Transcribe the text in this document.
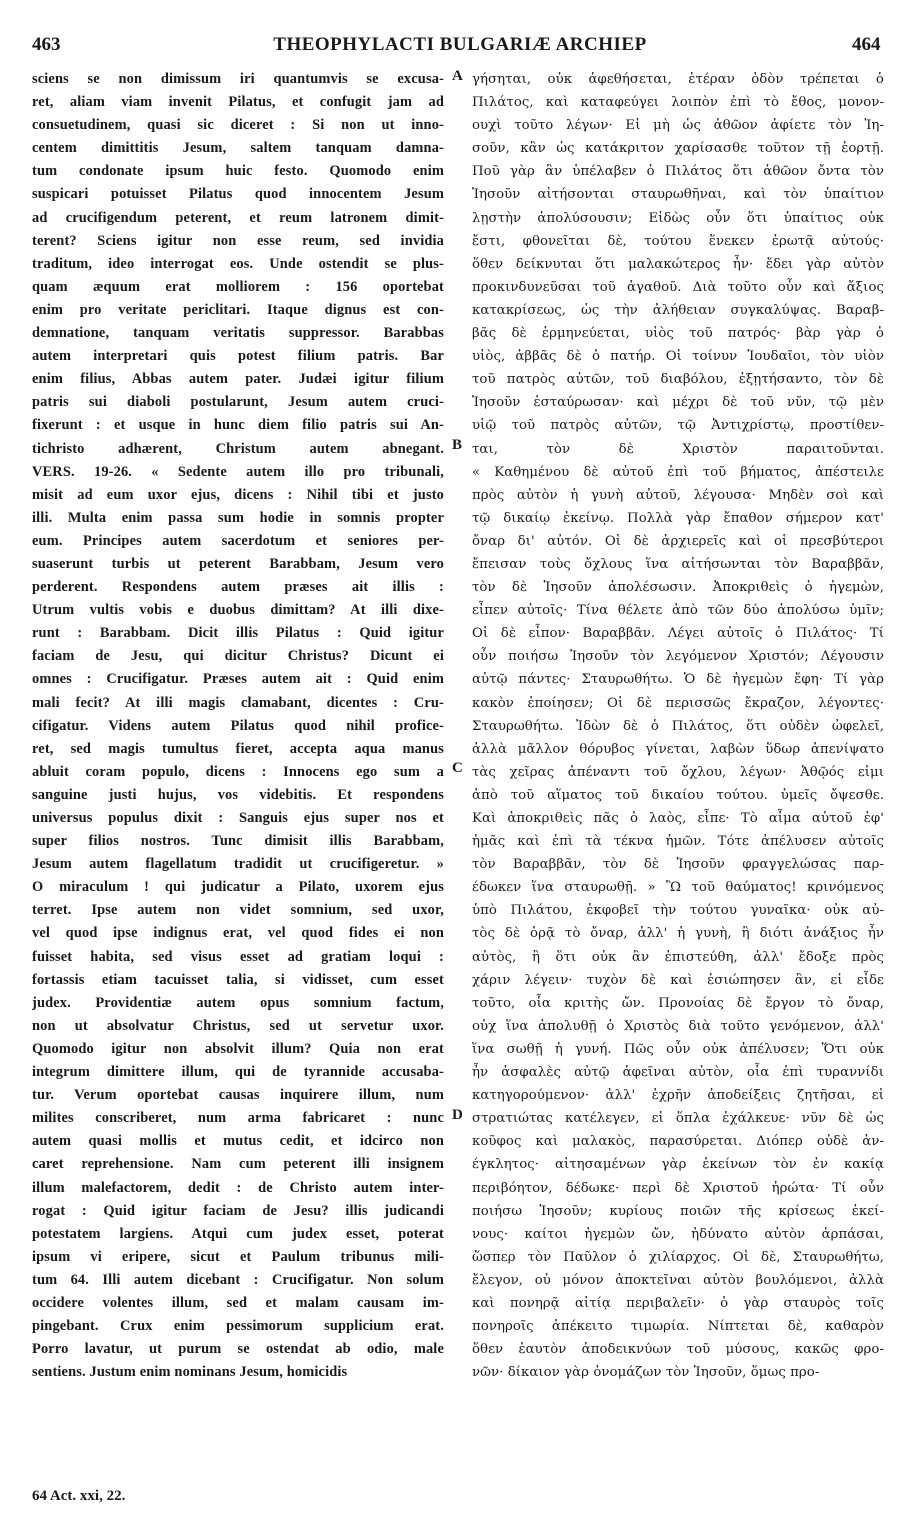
463	THEOPHYLACTI BULGARIÆ ARCHIEP	464
sciens se non dimissum iri quantumvis se excusa-
ret, aliam viam invenit Pilatus, et confugit jam ad
consuetudinem, quasi sic diceret : Si non ut inno-
centem dimittitis Jesum, saltem tanquam damna-
tum condonate ipsum huic festo. Quomodo enim
suspicari potuisset Pilatus quod innocentem Jesum
ad crucifigendum peterent, et reum latronem dimit-
terent? Sciens igitur non esse reum, sed invidia
traditum, ideo interrogat eos. Unde ostendit se plus-
quam æquum erat molliorem : 156 oportebat
enim pro veritate periclitari. Itaque dignus est con-
demnatione, tanquam veritatis suppressor. Barabbas
autem interpretari quis potest filium patris. Bar
enim filius, Abbas autem pater. Judæi igitur filium
patris sui diaboli postularunt, Jesum autem cruci-
fixerunt : et usque in hunc diem filio patris sui An-
tichristo adhærent, Christum autem abnegant.
VERS. 19-26. « Sedente autem illo pro tribunali,
misit ad eum uxor ejus, dicens : Nihil tibi et justo
illi. Multa enim passa sum hodie in somnis propter
eum. Principes autem sacerdotum et seniores per-
suaserunt turbis ut peterent Barabbam, Jesum vero
perderent. Respondens autem præses ait illis :
Utrum vultis vobis e duobus dimittam? At illi dixe-
runt : Barabbam. Dicit illis Pilatus : Quid igitur
faciam de Jesu, qui dicitur Christus? Dicunt ei
omnes : Crucifigatur. Præses autem ait : Quid enim
mali fecit? At illi magis clamabant, dicentes : Cru-
cifigatur. Videns autem Pilatus quod nihil profice-
ret, sed magis tumultus fieret, accepta aqua manus
abluit coram populo, dicens : Innocens ego sum a
sanguine justi hujus, vos videbitis. Et respondens
universus populus dixit : Sanguis ejus super nos et
super filios nostros. Tunc dimisit illis Barabbam,
Jesum autem flagellatum tradidit ut crucifigeretur. »
O miraculum ! qui judicatur a Pilato, uxorem ejus
terret. Ipse autem non videt somnium, sed uxor,
vel quod ipse indignus erat, vel quod fides ei non
fuisset habita, sed visus esset ad gratiam loqui :
fortassis etiam tacuisset talia, si vidisset, cum esset
judex. Providentiæ autem opus somnium factum,
non ut absolvatur Christus, sed ut servetur uxor.
Quomodo igitur non absolvit illum? Quia non erat
integrum dimittere illum, qui de tyrannide accusaba-
tur. Verum oportebat causas inquirere illum, num
milites conscriberet, num arma fabricaret : nunc
autem quasi mollis et mutus cedit, et idcirco non
caret reprehensione. Nam cum peterent illi insignem
illum malefactorem, dedit : de Christo autem inter-
rogat : Quid igitur faciam de Jesu? illis judicandi
potestatem largiens. Atqui cum judex esset, poterat
ipsum vi eripere, sicut et Paulum tribunus mili-
tum 64. Illi autem dicebant : Crucifigatur. Non solum
occidere volentes illum, sed et malam causam im-
pingebant. Crux enim pessimorum supplicium erat.
Porro lavatur, ut purum se ostendat ab odio, male
sentiens. Justum enim nominans Jesum, homicidis
γήσηται, οὐκ ἀφεθήσεται, ἑτέραν ὁδὸν τρέπεται ὁ
Πιλάτος, καὶ καταφεύγει λοιπὸν ἐπὶ τὸ ἔθος, μονον-
ουχὶ τοῦτο λέγων· Εἰ μὴ ὡς ἀθῶον ἀφίετε τὸν Ἰη-
σοῦν, κἂν ὡς κατάκριτον χαρίσασθε τοῦτον τῇ ἑορτῇ.
Ποῦ γὰρ ἂν ὑπέλαβεν ὁ Πιλάτος ὅτι ἀθῶον ὄντα τὸν
Ἰησοῦν αἰτήσονται σταυρωθῆναι, καὶ τὸν ὑπαίτιον
λῃστὴν ἀπολύσουσιν; Εἰδὼς οὖν ὅτι ὑπαίτιος οὐκ
ἔστι, φθονεῖται δὲ, τούτου ἕνεκεν ἐρωτᾷ αὐτούς·
ὅθεν δείκνυται ὅτι μαλακώτερος ἦν· ἔδει γὰρ αὐτὸν
προκινδυνεῦσαι τοῦ ἀγαθοῦ. Διὰ τοῦτο οὖν καὶ ἄξιος
κατακρίσεως, ὡς τὴν ἀλήθειαν συγκαλύψας. Βαραβ-
βᾶς δὲ ἑρμηνεύεται, υἱὸς τοῦ πατρός· βὰρ γὰρ ὁ
υἱὸς, ἀββᾶς δὲ ὁ πατήρ. Οἱ τοίνυν Ἰουδαῖοι, τὸν υἱὸν
τοῦ πατρὸς αὐτῶν, τοῦ διαβόλου, ἐξῃτήσαντο, τὸν δὲ
Ἰησοῦν ἐσταύρωσαν· καὶ μέχρι δὲ τοῦ νῦν, τῷ μὲν
υἱῷ τοῦ πατρὸς αὐτῶν, τῷ Ἀντιχρίστῳ, προστίθεν-
ται, τὸν δὲ Χριστὸν παραιτοῦνται.
« Καθημένου δὲ αὐτοῦ ἐπὶ τοῦ βήματος, ἀπέστειλε
πρὸς αὐτὸν ἡ γυνὴ αὐτοῦ, λέγουσα· Μηδὲν σοὶ καὶ
τῷ δικαίῳ ἐκείνῳ. Πολλὰ γὰρ ἔπαθον σήμερον κατ'
ὄναρ δι' αὐτόν. Οἱ δὲ ἀρχιερεῖς καὶ οἱ πρεσβύτεροι
ἔπεισαν τοὺς ὄχλους ἵνα αἰτήσωνται τὸν Βαραββᾶν,
τὸν δὲ Ἰησοῦν ἀπολέσωσιν. Ἀποκριθεὶς ὁ ἡγεμὼν,
εἶπεν αὐτοῖς· Τίνα θέλετε ἀπὸ τῶν δύο ἀπολύσω ὑμῖν;
Οἱ δὲ εἶπον· Βαραββᾶν. Λέγει αὐτοῖς ὁ Πιλάτος· Τί
οὖν ποιήσω Ἰησοῦν τὸν λεγόμενον Χριστόν; Λέγουσιν
αὐτῷ πάντες· Σταυρωθήτω. Ὁ δὲ ἡγεμὼν ἔφη· Τί γὰρ
κακὸν ἐποίησεν; Οἱ δὲ περισσῶς ἔκραζον, λέγοντες·
Σταυρωθήτω. Ἰδὼν δὲ ὁ Πιλάτος, ὅτι οὐδὲν ὠφελεῖ,
ἀλλὰ μᾶλλον θόρυβος γίνεται, λαβὼν ὕδωρ ἀπενίψατο
τὰς χεῖρας ἀπέναντι τοῦ ὄχλου, λέγων· Ἀθῷός εἰμι
ἀπὸ τοῦ αἵματος τοῦ δικαίου τούτου. ὑμεῖς ὄψεσθε.
Καὶ ἀποκριθεὶς πᾶς ὁ λαὸς, εἶπε· Τὸ αἷμα αὐτοῦ ἐφ'
ἡμᾶς καὶ ἐπὶ τὰ τέκνα ἡμῶν. Τότε ἀπέλυσεν αὐτοῖς
τὸν Βαραββᾶν, τὸν δὲ Ἰησοῦν φραγγελώσας παρ-
έδωκεν ἵνα σταυρωθῇ. » Ὢ τοῦ θαύματος! κρινόμενος
ὑπὸ Πιλάτου, ἐκφοβεῖ τὴν τούτου γυναῖκα· οὐκ αὐ-
τὸς δὲ ὁρᾷ τὸ ὄναρ, ἀλλ' ἡ γυνὴ, ἢ διότι ἀνάξιος ἦν
αὐτὸς, ἢ ὅτι οὐκ ἂν ἐπιστεύθη, ἀλλ' ἔδοξε πρὸς
χάριν λέγειν· τυχὸν δὲ καὶ ἐσιώπησεν ἂν, εἰ εἶδε
τοῦτο, οἷα κριτὴς ὤν. Προνοίας δὲ ἔργον τὸ ὄναρ,
οὐχ ἵνα ἀπολυθῇ ὁ Χριστὸς διὰ τοῦτο γενόμενον, ἀλλ'
ἵνα σωθῇ ἡ γυνή. Πῶς οὖν οὐκ ἀπέλυσεν; Ὅτι οὐκ
ἦν ἀσφαλὲς αὐτῷ ἀφεῖναι αὐτὸν, οἷα ἐπὶ τυραννίδι
κατηγορούμενον· ἀλλ' ἐχρῆν ἀποδείξεις ζητῆσαι, εἰ
στρατιώτας κατέλεγεν, εἰ ὅπλα ἐχάλκευε· νῦν δὲ ὡς
κοῦφος καὶ μαλακὸς, παρασύρεται. Διόπερ οὐδὲ ἀν-
έγκλητος· αἰτησαμένων γὰρ ἐκείνων τὸν ἐν κακίᾳ
περιβόητον, δέδωκε· περὶ δὲ Χριστοῦ ἠρώτα· Τί οὖν
ποιήσω Ἰησοῦν; κυρίους ποιῶν τῆς κρίσεως ἐκεί-
νους· καίτοι ἡγεμὼν ὤν, ἠδύνατο αὐτὸν ἁρπάσαι,
ὥσπερ τὸν Παῦλον ὁ χιλίαρχος. Οἱ δὲ, Σταυρωθήτω,
ἔλεγον, οὐ μόνον ἀποκτεῖναι αὐτὸν βουλόμενοι, ἀλλὰ
καὶ πονηρᾷ αἰτίᾳ περιβαλεῖν· ὁ γὰρ σταυρὸς τοῖς
πονηροῖς ἀπέκειτο τιμωρία. Νίπτεται δὲ, καθαρὸν
ὅθεν ἑαυτὸν ἀποδεικνύων τοῦ μύσους, κακῶς φρο-
νῶν· δίκαιον γὰρ ὀνομάζων τὸν Ἰησοῦν, ὅμως προ-
A
B
C
D
64 Act. xxi, 22.
